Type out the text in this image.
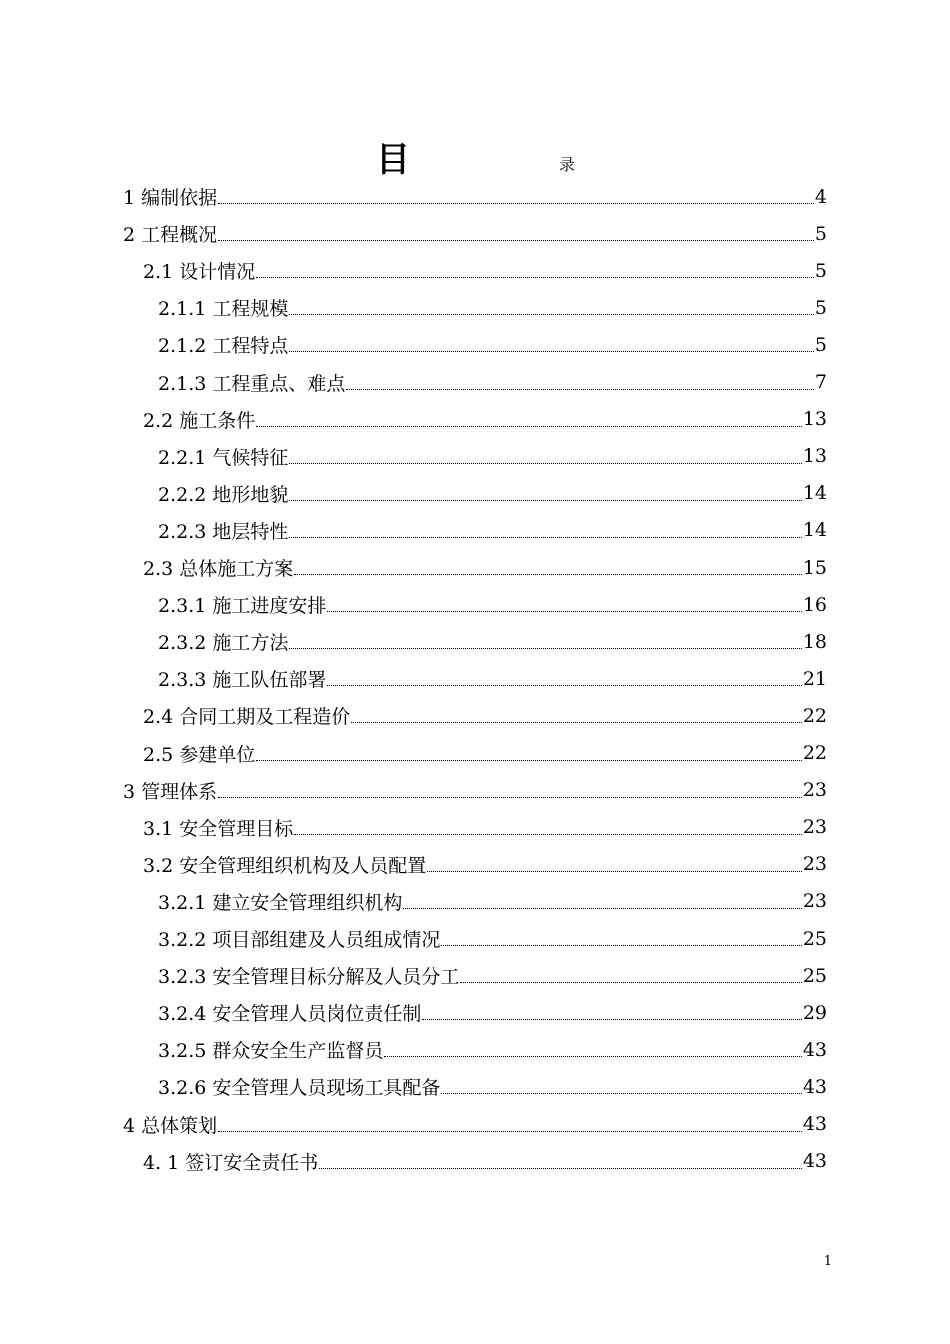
目	录
1 编制依据	4
2 工程概况	5
2.1 设计情况	5
2.1.1 工程规模	5
2.1.2 工程特点	5
2.1.3 工程重点、难点	7
2.2 施工条件	13
2.2.1 气候特征	13
2.2.2 地形地貌	14
2.2.3 地层特性	14
2.3 总体施工方案	15
2.3.1 施工进度安排	16
2.3.2 施工方法	18
2.3.3 施工队伍部署	21
2.4 合同工期及工程造价	22
2.5 参建单位	22
3 管理体系	23
3.1 安全管理目标	23
3.2 安全管理组织机构及人员配置	23
3.2.1 建立安全管理组织机构	23
3.2.2 项目部组建及人员组成情况	25
3.2.3 安全管理目标分解及人员分工	25
3.2.4 安全管理人员岗位责任制	29
3.2.5 群众安全生产监督员	43
3.2.6 安全管理人员现场工具配备	43
4 总体策划	43
4. 1 签订安全责任书	43
1
